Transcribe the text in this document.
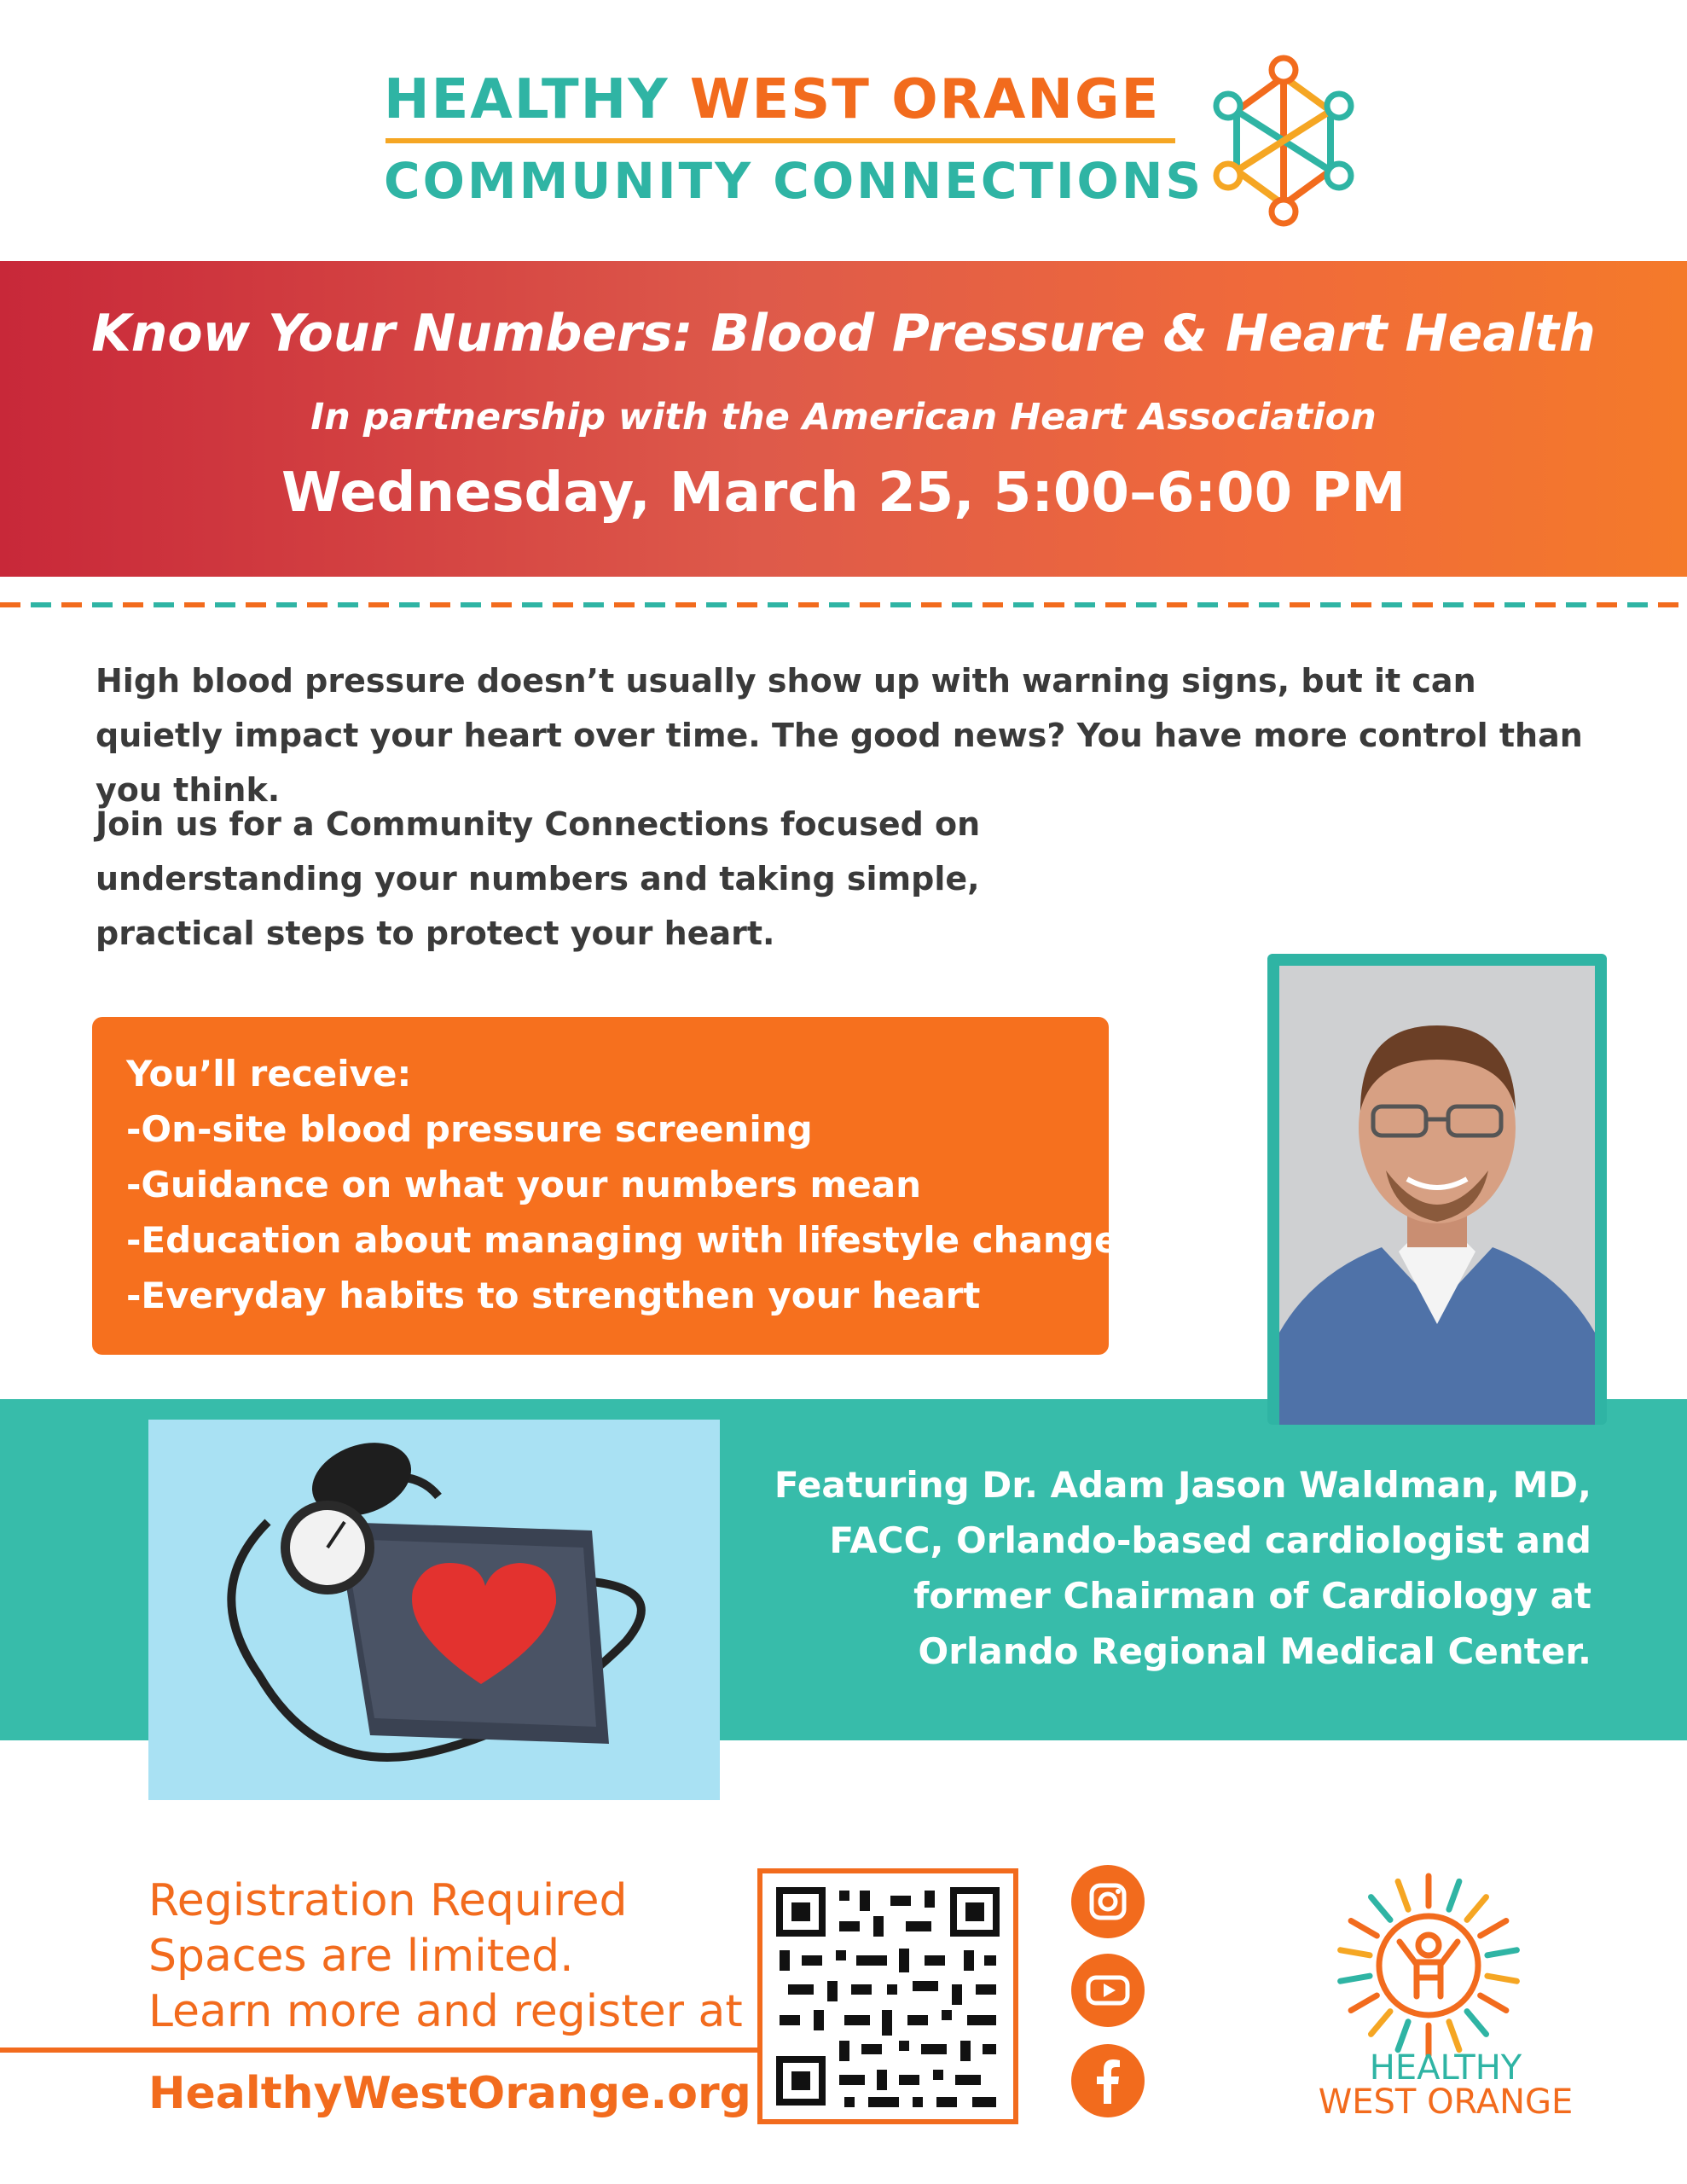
HEALTHY WEST ORANGE
COMMUNITY CONNECTIONS
Know Your Numbers: Blood Pressure & Heart Health
In partnership with the American Heart Association
Wednesday, March 25, 5:00–6:00 PM
High blood pressure doesn’t usually show up with warning signs, but it can quietly impact your heart over time. The good news? You have more control than you think.
Join us for a Community Connections focused on understanding your numbers and taking simple, practical steps to protect your heart.
You’ll receive:
-On-site blood pressure screening
-Guidance on what your numbers mean
-Education about managing with lifestyle changes
-Everyday habits to strengthen your heart
Featuring Dr. Adam Jason Waldman, MD,
FACC, Orlando-based cardiologist and
former Chairman of Cardiology at
Orlando Regional Medical Center.
Registration Required
Spaces are limited.
Learn more and register at
HealthyWestOrange.org	HEALTHY
WEST ORANGE
